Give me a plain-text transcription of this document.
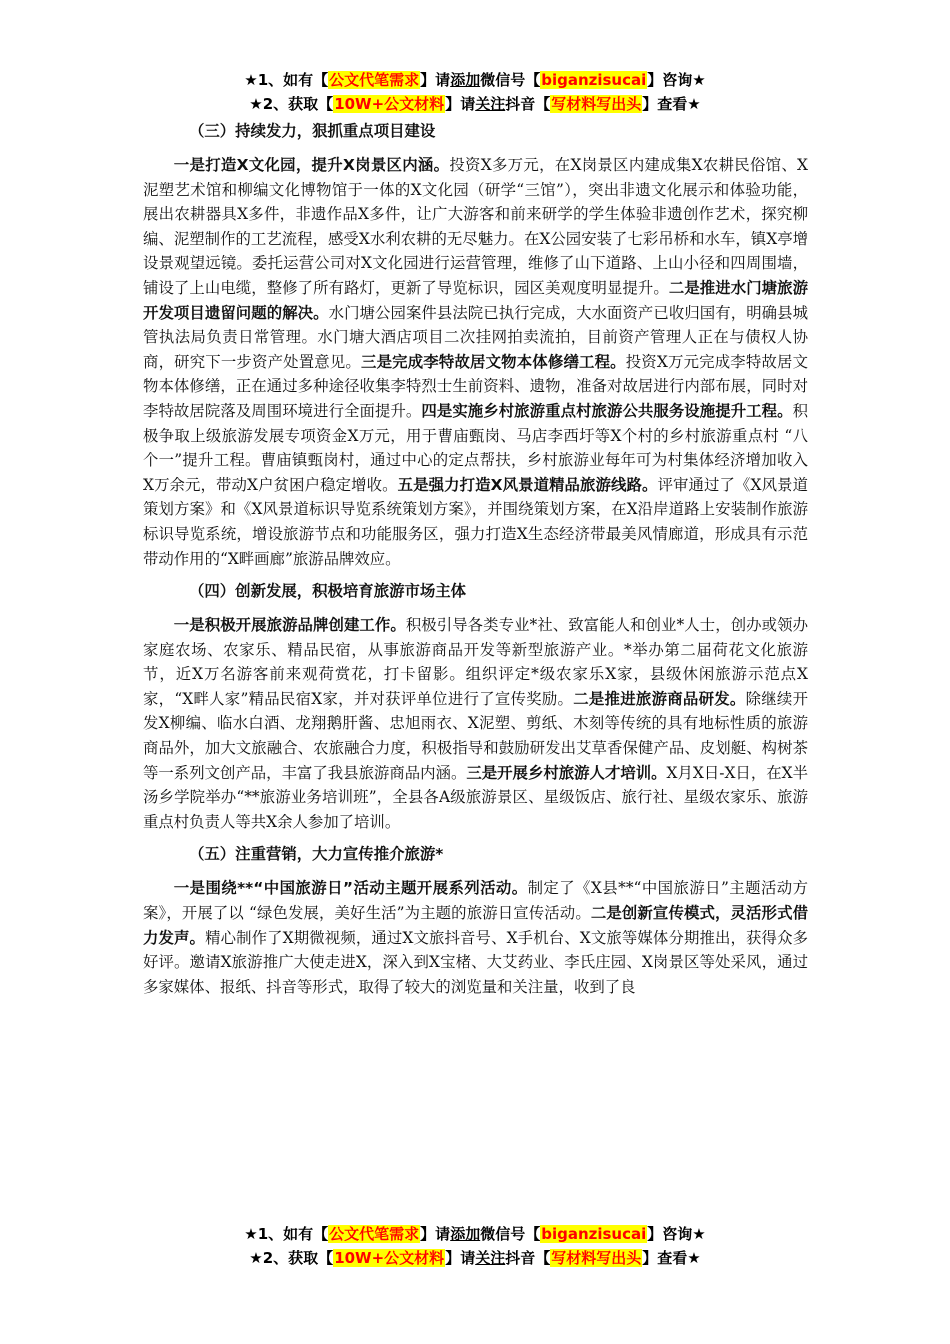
★1、如有【公文代笔需求】请添加微信号【biganzisucai】咨询★
★2、获取【10W+公文材料】请关注抖音【写材料写出头】查看★
（三）持续发力，狠抓重点项目建设

一是打造X文化园，提升X岗景区内涵。投资X多万元，在X岗景区内建成集X农耕民俗馆、X泥塑艺术馆和柳编文化博物馆于一体的X文化园（研学“三馆”），突出非遗文化展示和体验功能，展出农耕器具X多件，非遗作品X多件，让广大游客和前来研学的学生体验非遗创作艺术，探究柳编、泥塑制作的工艺流程，感受X水利农耕的无尽魅力。在X公园安装了七彩吊桥和水车，镇X亭增设景观望远镜。委托运营公司对X文化园进行运营管理，维修了山下道路、上山小径和四周围墙，铺设了上山电缆，整修了所有路灯，更新了导览标识，园区美观度明显提升。二是推进水门塘旅游开发项目遗留问题的解决。水门塘公园案件县法院已执行完成，大水面资产已收归国有，明确县城管执法局负责日常管理。水门塘大酒店项目二次挂网拍卖流拍，目前资产管理人正在与债权人协商，研究下一步资产处置意见。三是完成李特故居文物本体修缮工程。投资X万元完成李特故居文物本体修缮，正在通过多种途径收集李特烈士生前资料、遗物，准备对故居进行内部布展，同时对李特故居院落及周围环境进行全面提升。四是实施乡村旅游重点村旅游公共服务设施提升工程。积极争取上级旅游发展专项资金X万元，用于曹庙甄岗、马店李西圩等X个村的乡村旅游重点村 “八个一”提升工程。曹庙镇甄岗村，通过中心的定点帮扶，乡村旅游业每年可为村集体经济增加收入X万余元，带动X户贫困户稳定增收。五是强力打造X风景道精品旅游线路。评审通过了《X风景道策划方案》和《X风景道标识导览系统策划方案》，并围绕策划方案，在X沿岸道路上安装制作旅游标识导览系统，增设旅游节点和功能服务区，强力打造X生态经济带最美风情廊道，形成具有示范带动作用的“X畔画廊”旅游品牌效应。

（四）创新发展，积极培育旅游市场主体

一是积极开展旅游品牌创建工作。积极引导各类专业*社、致富能人和创业*人士，创办或领办家庭农场、农家乐、精品民宿，从事旅游商品开发等新型旅游产业。*举办第二届荷花文化旅游节，近X万名游客前来观荷赏花，打卡留影。组织评定*级农家乐X家，县级休闲旅游示范点X家，“X畔人家”精品民宿X家，并对获评单位进行了宣传奖励。二是推进旅游商品研发。除继续开发X柳编、临水白酒、龙翔鹅肝酱、忠旭雨衣、X泥塑、剪纸、木刻等传统的具有地标性质的旅游商品外，加大文旅融合、农旅融合力度，积极指导和鼓励研发出艾草香保健产品、皮划艇、构树茶等一系列文创产品，丰富了我县旅游商品内涵。三是开展乡村旅游人才培训。X月X日-X日，在X半汤乡学院举办“**旅游业务培训班”，全县各A级旅游景区、星级饭店、旅行社、星级农家乐、旅游重点村负责人等共X余人参加了培训。

（五）注重营销，大力宣传推介旅游*

一是围绕**“中国旅游日”活动主题开展系列活动。制定了《X县**“中国旅游日”主题活动方案》，开展了以 “绿色发展，美好生活”为主题的旅游日宣传活动。二是创新宣传模式，灵活形式借力发声。精心制作了X期微视频，通过X文旅抖音号、X手机台、X文旅等媒体分期推出，获得众多好评。邀请X旅游推广大使走进X，深入到X宝楮、大艾药业、李氏庄园、X岗景区等处采风，通过多家媒体、报纸、抖音等形式，取得了较大的浏览量和关注量，收到了良

★1、如有【公文代笔需求】请添加微信号【biganzisucai】咨询★
★2、获取【10W+公文材料】请关注抖音【写材料写出头】查看★
